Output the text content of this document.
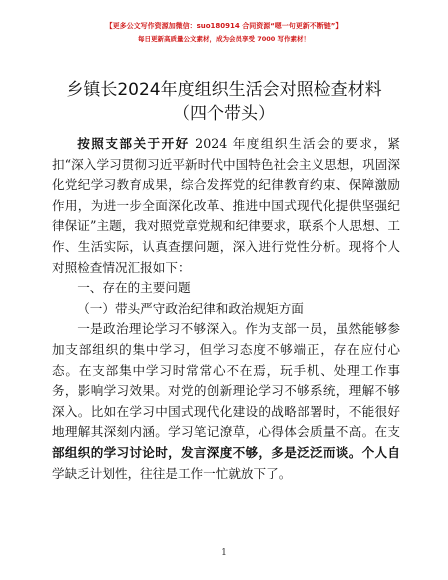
【更多公文写作资源加微信：suo180914 合同资源“嗯一句更新不断链”】
每日更新高质量公文素材，成为会员享受 7000 写作素材！
乡镇长2024年度组织生活会对照检查材料（四个带头）

按照支部关于开好 2024 年度组织生活会的要求，紧扣“深入学习贯彻习近平新时代中国特色社会主义思想，巩固深化党纪学习教育成果，综合发挥党的纪律教育约束、保障激励作用，为进一步全面深化改革、推进中国式现代化提供坚强纪律保证”主题，我对照党章党规和纪律要求，联系个人思想、工作、生活实际，认真查摆问题，深入进行党性分析。现将个人对照检查情况汇报如下：

一、存在的主要问题

（一）带头严守政治纪律和政治规矩方面

一是政治理论学习不够深入。作为支部一员，虽然能够参加支部组织的集中学习，但学习态度不够端正，存在应付心态。在支部集中学习时常常心不在焉，玩手机、处理工作事务，影响学习效果。对党的创新理论学习不够系统，理解不够深入。比如在学习中国式现代化建设的战略部署时，不能很好地理解其深刻内涵。学习笔记潦草，心得体会质量不高。在支部组织的学习讨论时，发言深度不够，多是泛泛而谈。个人自学缺乏计划性，往往是工作一忙就放下了。

1
